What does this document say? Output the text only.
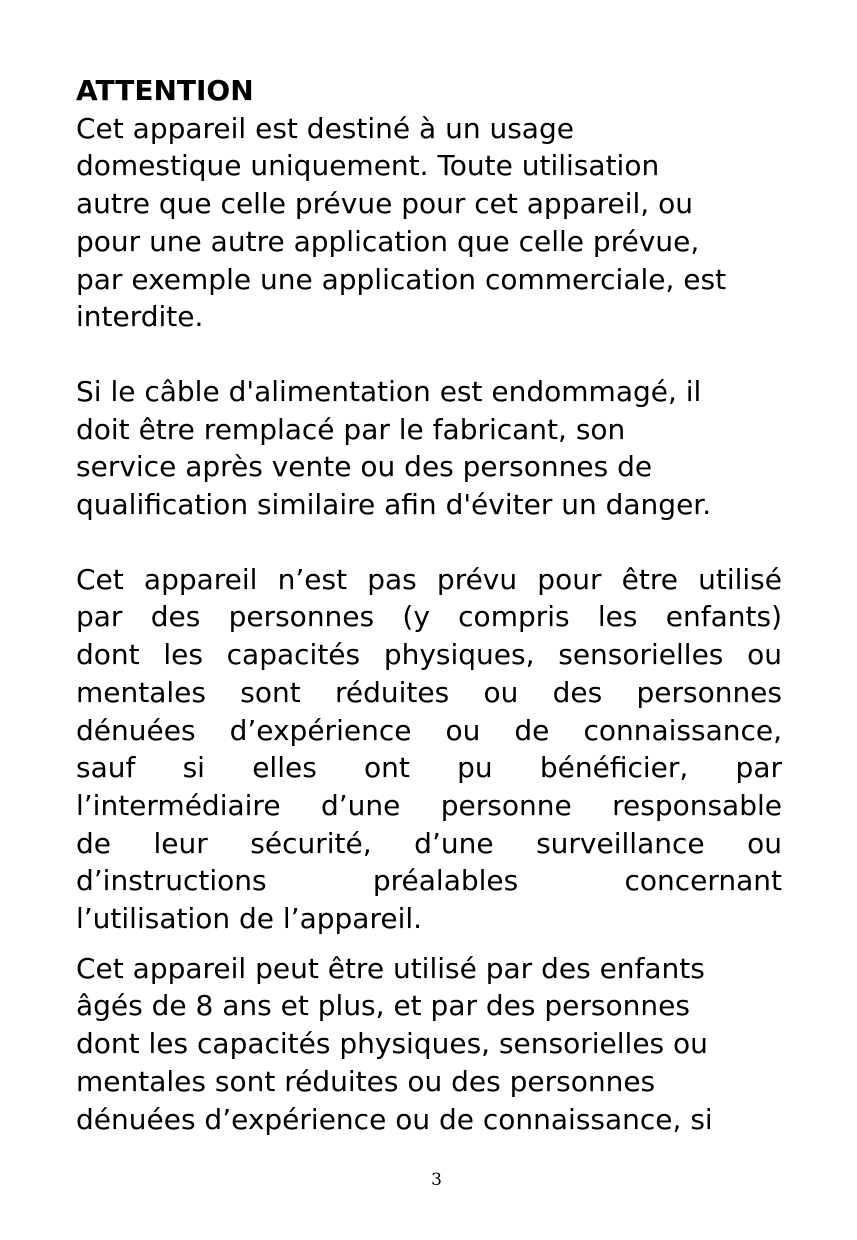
ATTENTION
Cet appareil est destiné à un usage
domestique uniquement. Toute utilisation
autre que celle prévue pour cet appareil, ou
pour une autre application que celle prévue,
par exemple une application commerciale, est
interdite.
Si le câble d'alimentation est endommagé, il
doit être remplacé par le fabricant, son
service après vente ou des personnes de
qualification similaire afin d'éviter un danger.
Cet appareil n’est pas prévu pour être utilisé
par des personnes (y compris les enfants)
dont les capacités physiques, sensorielles ou
mentales sont réduites ou des personnes
dénuées d’expérience ou de connaissance,
sauf si elles ont pu bénéficier, par
l’intermédiaire d’une personne responsable
de leur sécurité, d’une surveillance ou
d’instructions préalables concernant
l’utilisation de l’appareil.
Cet appareil peut être utilisé par des enfants
âgés de 8 ans et plus, et par des personnes
dont les capacités physiques, sensorielles ou
mentales sont réduites ou des personnes
dénuées d’expérience ou de connaissance, si
3
